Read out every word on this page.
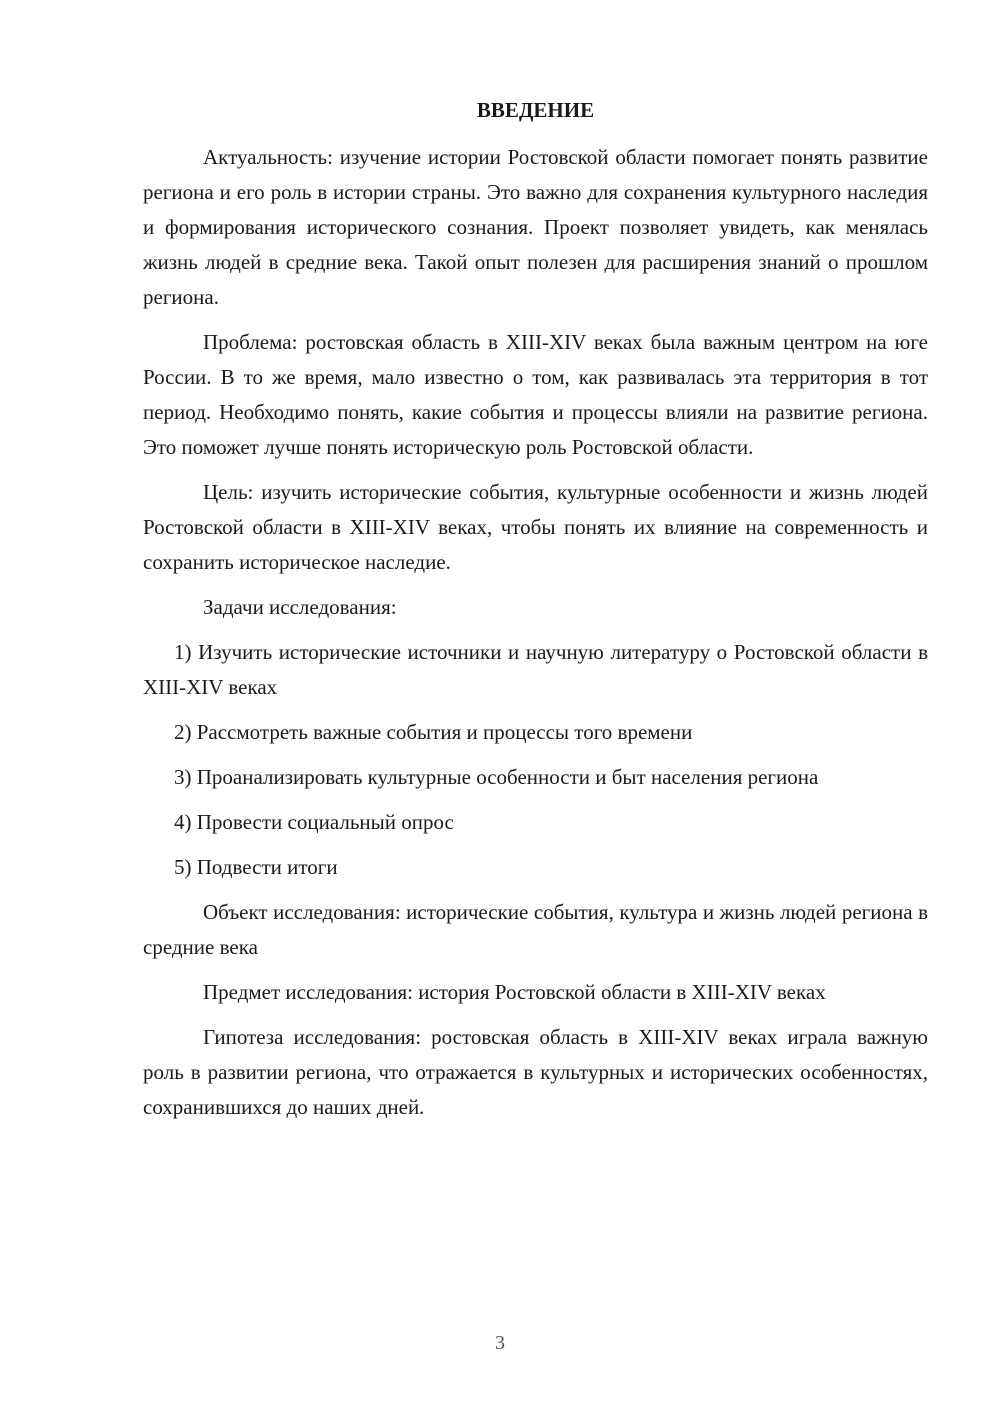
ВВЕДЕНИЕ

Актуальность: изучение истории Ростовской области помогает понять развитие региона и его роль в истории страны. Это важно для сохранения культурного наследия и формирования исторического сознания. Проект позволяет увидеть, как менялась жизнь людей в средние века. Такой опыт полезен для расширения знаний о прошлом региона.

Проблема: ростовская область в XIII-XIV веках была важным центром на юге России. В то же время, мало известно о том, как развивалась эта территория в тот период. Необходимо понять, какие события и процессы влияли на развитие региона. Это поможет лучше понять историческую роль Ростовской области.

Цель: изучить исторические события, культурные особенности и жизнь людей Ростовской области в XIII-XIV веках, чтобы понять их влияние на современность и сохранить историческое наследие.

Задачи исследования:

1) Изучить исторические источники и научную литературу о Ростовской области в XIII-XIV веках

2) Рассмотреть важные события и процессы того времени

3) Проанализировать культурные особенности и быт населения региона

4) Провести социальный опрос

5) Подвести итоги

Объект исследования: исторические события, культура и жизнь людей региона в средние века

Предмет исследования: история Ростовской области в XIII-XIV веках

Гипотеза исследования: ростовская область в XIII-XIV веках играла важную роль в развитии региона, что отражается в культурных и исторических особенностях, сохранившихся до наших дней.

3
